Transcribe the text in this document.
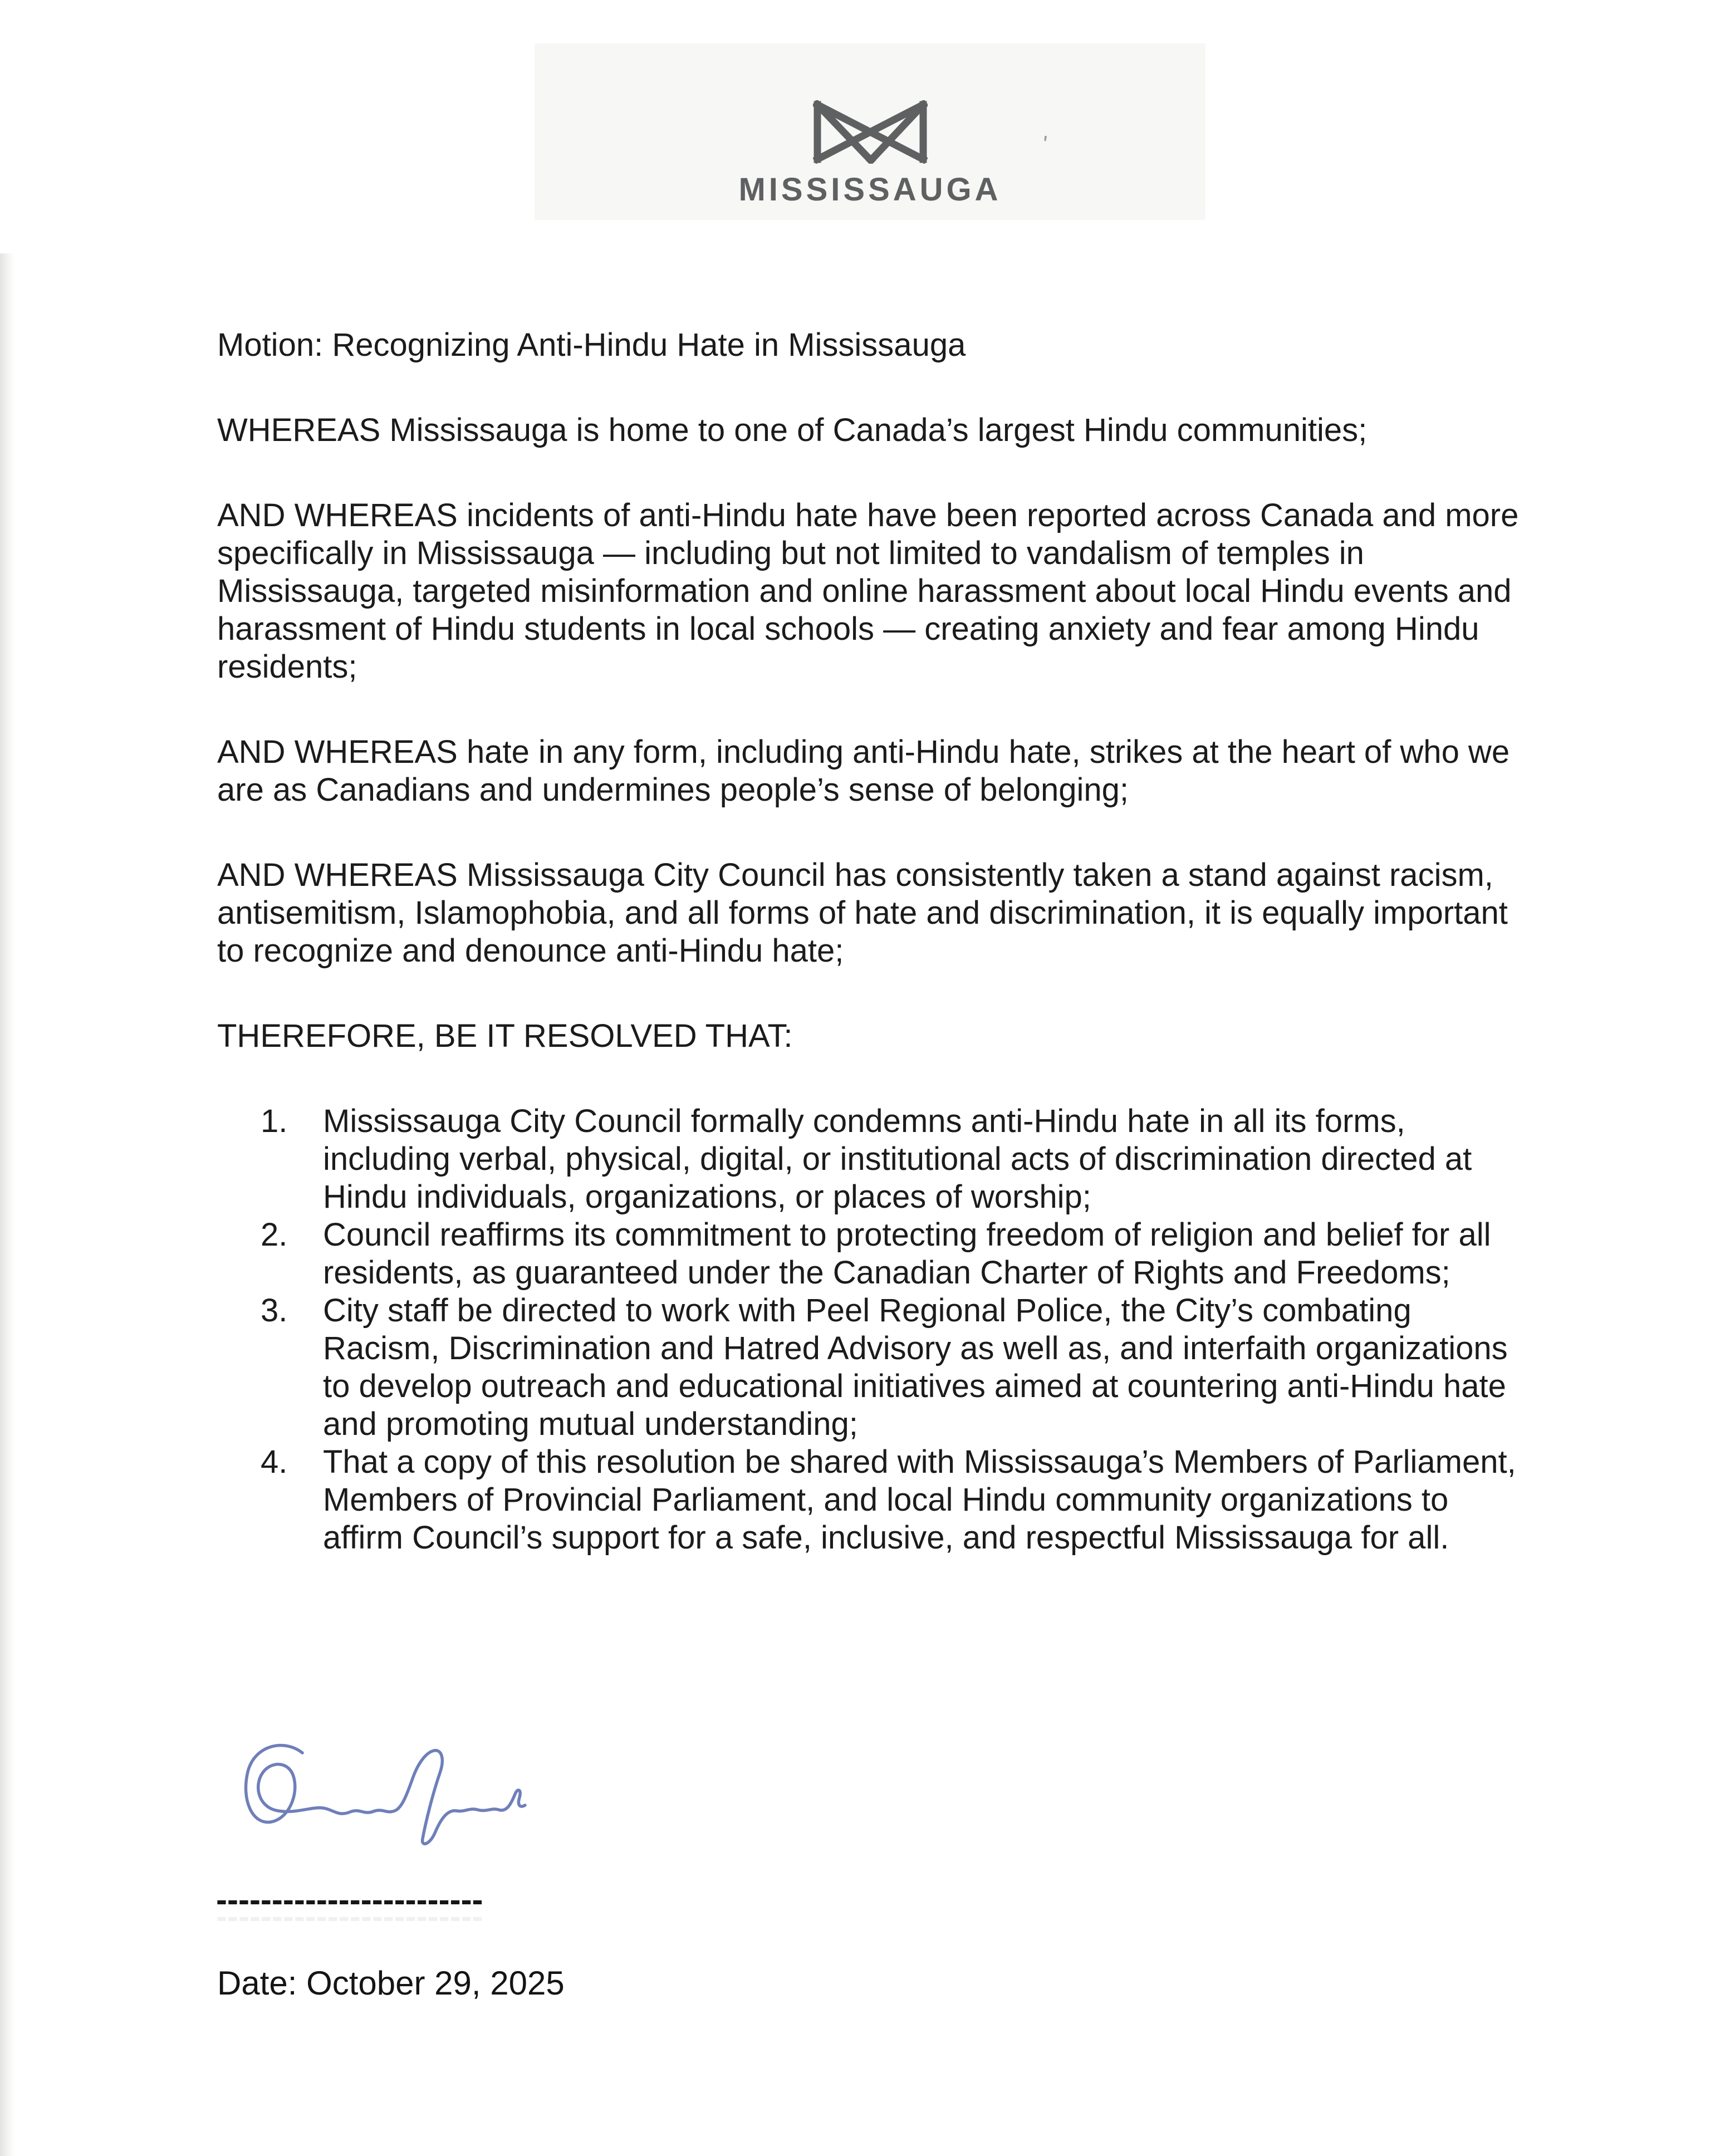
MISSISSAUGA
'

Motion: Recognizing Anti-Hindu Hate in Mississauga

WHEREAS Mississauga is home to one of Canada’s largest Hindu communities;

AND WHEREAS incidents of anti-Hindu hate have been reported across Canada and more specifically in Mississauga — including but not limited to vandalism of temples in Mississauga, targeted misinformation and online harassment about local Hindu events and harassment of Hindu students in local schools — creating anxiety and fear among Hindu residents;

AND WHEREAS hate in any form, including anti-Hindu hate, strikes at the heart of who we are as Canadians and undermines people’s sense of belonging;

AND WHEREAS Mississauga City Council has consistently taken a stand against racism, antisemitism, Islamophobia, and all forms of hate and discrimination, it is equally important to recognize and denounce anti-Hindu hate;

THEREFORE, BE IT RESOLVED THAT:

1.	Mississauga City Council formally condemns anti-Hindu hate in all its forms, including verbal, physical, digital, or institutional acts of discrimination directed at Hindu individuals, organizations, or places of worship;
2.	Council reaffirms its commitment to protecting freedom of religion and belief for all residents, as guaranteed under the Canadian Charter of Rights and Freedoms;
3.	City staff be directed to work with Peel Regional Police, the City’s combating Racism, Discrimination and Hatred Advisory as well as, and interfaith organizations to develop outreach and educational initiatives aimed at countering anti-Hindu hate and promoting mutual understanding;
4.	That a copy of this resolution be shared with Mississauga’s Members of Parliament, Members of Provincial Parliament, and local Hindu community organizations to affirm Council’s support for a safe, inclusive, and respectful Mississauga for all.
------------------------
Date: October 29, 2025
